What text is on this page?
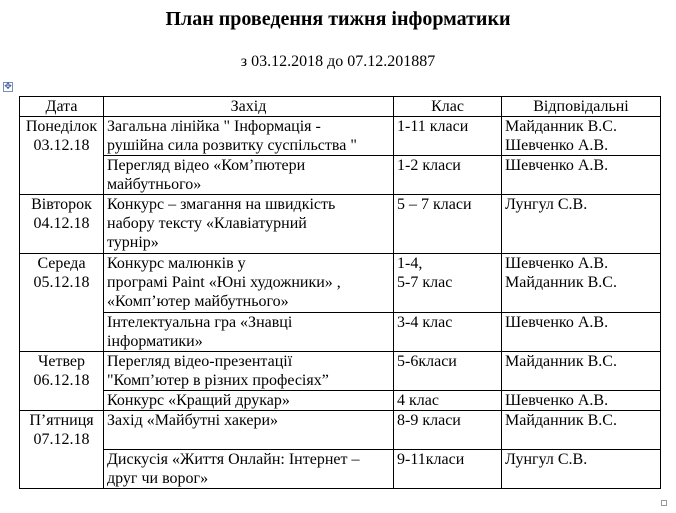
План проведення тижня інформатики
з 03.12.2018 до 07.12.201887
✥
Дата	Захід	Клас	Відповідальні

Понеділок
03.12.18	Загальна лінійка " Інформація -
рушійна сила розвитку суспільства "	1-11 класи	Майданник В.С.
Шевченко А.В.

	Перегляд відео «Ком’пютери
майбутнього»	1-2 класи	Шевченко А.В.

Вівторок
04.12.18	Конкурс – змагання на швидкість
набору тексту «Клавіатурний
турнір»	5 – 7 класи	Лунгул С.В.

Середа
05.12.18	Конкурс малюнків у
програмі Paint «Юні художники» ,
«Комп’ютер майбутнього»	1-4,
5-7 клас	Шевченко А.В.
Майданник В.С.

	Інтелектуальна гра «Знавці
інформатики»	3-4 клас	Шевченко А.В.

Четвер
06.12.18	Перегляд відео-презентації
"Комп’ютер в різних професіях”	5-6класи	Майданник В.С.

	Конкурс «Кращий друкар»	4 клас	Шевченко А.В.

П’ятниця
07.12.18	Захід «Майбутні хакери»	8-9 класи	Майданник В.С.

	Дискусія «Життя Онлайн: Інтернет –
друг чи ворог»	9-11класи	Лунгул С.В.
